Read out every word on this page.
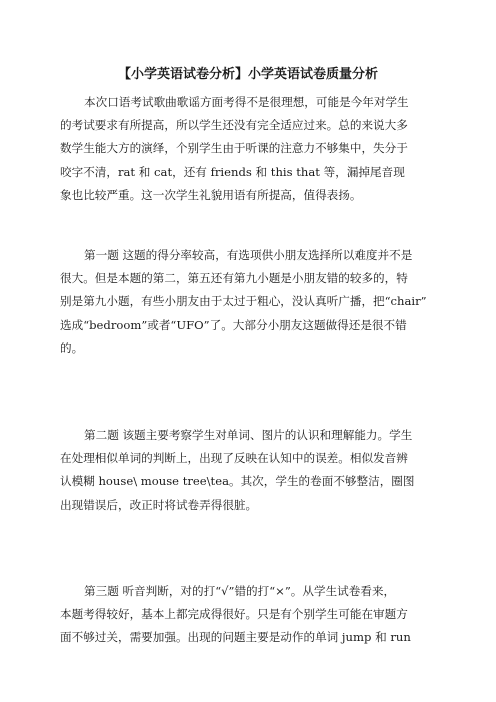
【小学英语试卷分析】小学英语试卷质量分析
本次口语考试歌曲歌谣方面考得不是很理想，可能是今年对学生
的考试要求有所提高，所以学生还没有完全适应过来。总的来说大多
数学生能大方的演绎，个别学生由于听课的注意力不够集中，失分于
咬字不清，rat 和 cat，还有 friends 和 this that 等，漏掉尾音现
象也比较严重。这一次学生礼貌用语有所提高，值得表扬。
第一题 这题的得分率较高，有选项供小朋友选择所以难度并不是
很大。但是本题的第二，第五还有第九小题是小朋友错的较多的，特
别是第九小题，有些小朋友由于太过于粗心，没认真听广播，把“chair”
选成“bedroom”或者“UFO”了。大部分小朋友这题做得还是很不错
的。
第二题 该题主要考察学生对单词、图片的认识和理解能力。学生
在处理相似单词的判断上，出现了反映在认知中的误差。相似发音辨
认模糊 house\ mouse tree\tea。其次，学生的卷面不够整洁，圈图
出现错误后，改正时将试卷弄得很脏。
第三题 听音判断，对的打“√”错的打“×”。从学生试卷看来，
本题考得较好，基本上都完成得很好。只是有个别学生可能在审题方
面不够过关，需要加强。出现的问题主要是动作的单词 jump 和 run
